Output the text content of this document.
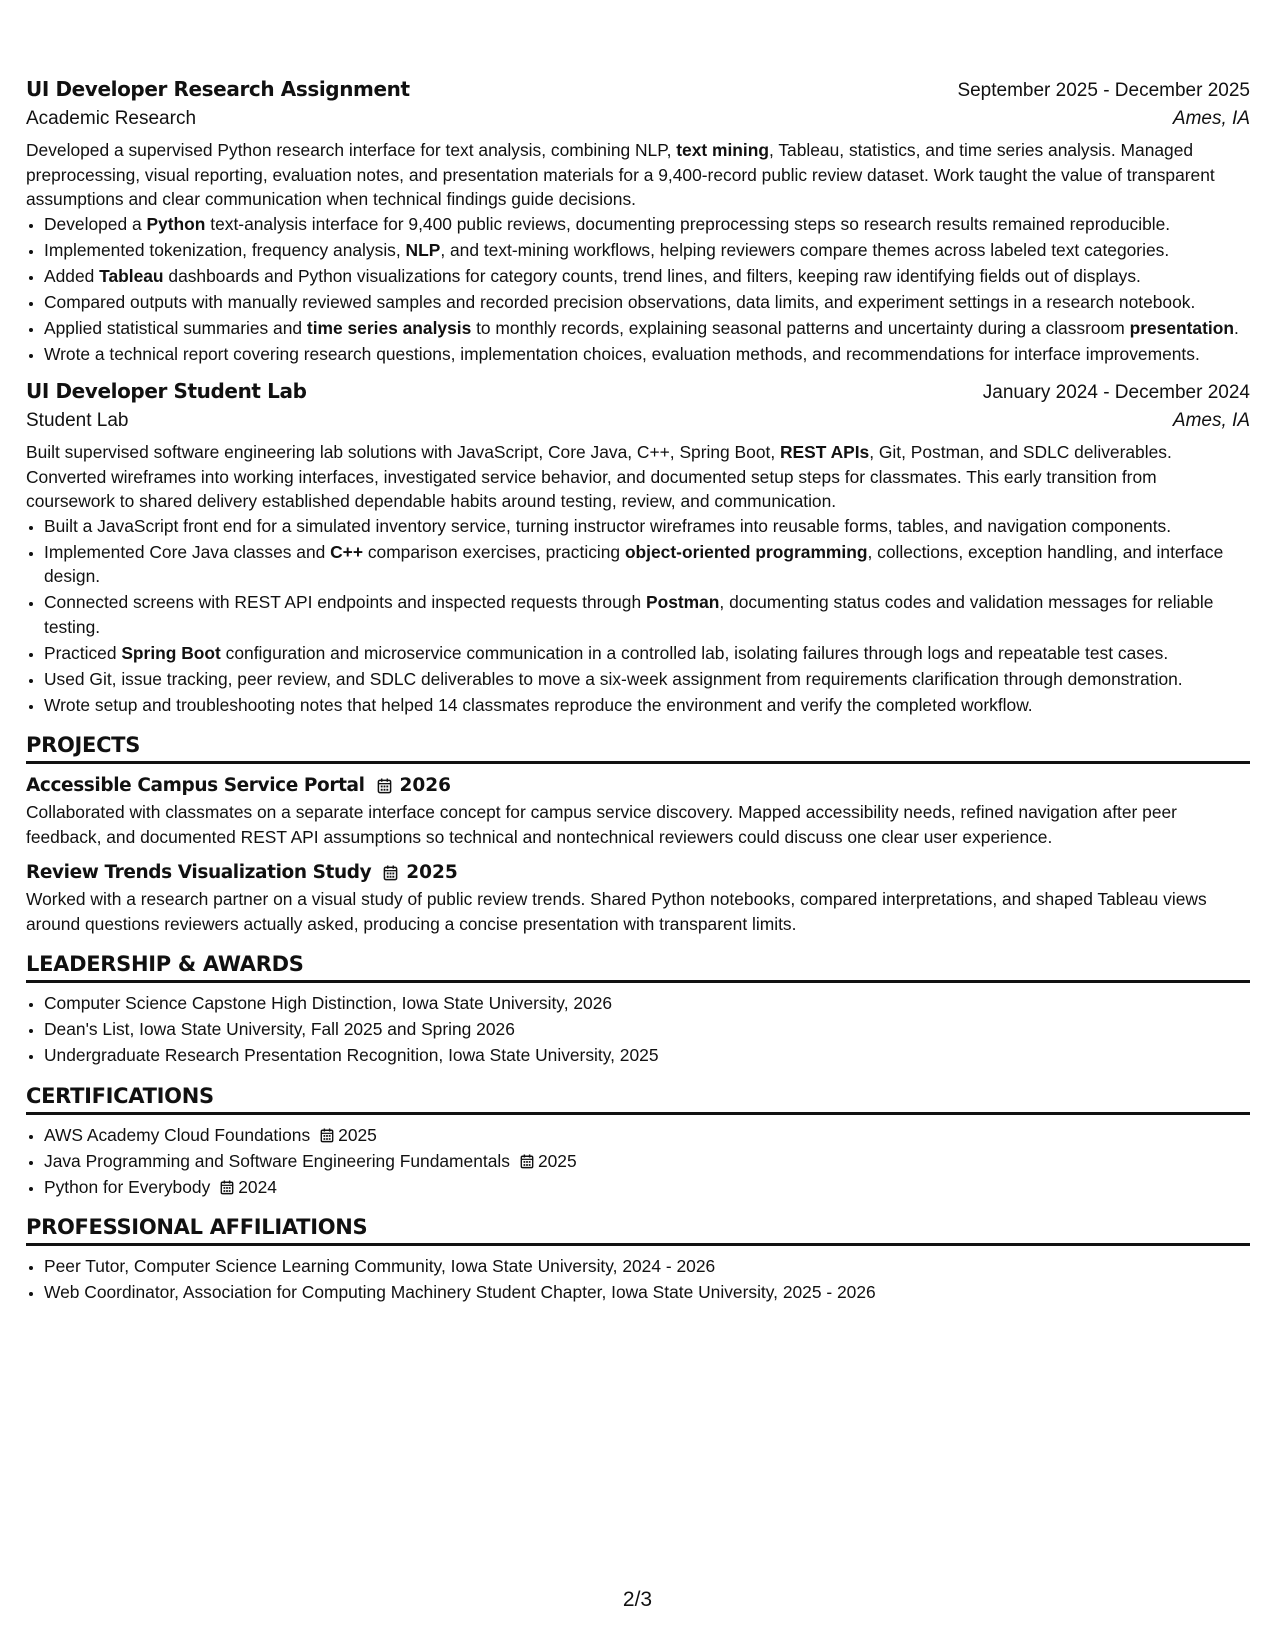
UI Developer Research Assignment	September 2025 - December 2025
Academic Research	Ames, IA
Developed a supervised Python research interface for text analysis, combining NLP, text mining, Tableau, statistics, and time series analysis. Managed preprocessing, visual reporting, evaluation notes, and presentation materials for a 9,400-record public review dataset. Work taught the value of transparent assumptions and clear communication when technical findings guide decisions.
• Developed a Python text-analysis interface for 9,400 public reviews, documenting preprocessing steps so research results remained reproducible.
• Implemented tokenization, frequency analysis, NLP, and text-mining workflows, helping reviewers compare themes across labeled text categories.
• Added Tableau dashboards and Python visualizations for category counts, trend lines, and filters, keeping raw identifying fields out of displays.
• Compared outputs with manually reviewed samples and recorded precision observations, data limits, and experiment settings in a research notebook.
• Applied statistical summaries and time series analysis to monthly records, explaining seasonal patterns and uncertainty during a classroom presentation.
• Wrote a technical report covering research questions, implementation choices, evaluation methods, and recommendations for interface improvements.
UI Developer Student Lab	January 2024 - December 2024
Student Lab	Ames, IA
Built supervised software engineering lab solutions with JavaScript, Core Java, C++, Spring Boot, REST APIs, Git, Postman, and SDLC deliverables. Converted wireframes into working interfaces, investigated service behavior, and documented setup steps for classmates. This early transition from coursework to shared delivery established dependable habits around testing, review, and communication.
• Built a JavaScript front end for a simulated inventory service, turning instructor wireframes into reusable forms, tables, and navigation components.
• Implemented Core Java classes and C++ comparison exercises, practicing object-oriented programming, collections, exception handling, and interface design.
• Connected screens with REST API endpoints and inspected requests through Postman, documenting status codes and validation messages for reliable testing.
• Practiced Spring Boot configuration and microservice communication in a controlled lab, isolating failures through logs and repeatable test cases.
• Used Git, issue tracking, peer review, and SDLC deliverables to move a six-week assignment from requirements clarification through demonstration.
• Wrote setup and troubleshooting notes that helped 14 classmates reproduce the environment and verify the completed workflow.
PROJECTS
Accessible Campus Service Portal 2026
Collaborated with classmates on a separate interface concept for campus service discovery. Mapped accessibility needs, refined navigation after peer feedback, and documented REST API assumptions so technical and nontechnical reviewers could discuss one clear user experience.
Review Trends Visualization Study 2025
Worked with a research partner on a visual study of public review trends. Shared Python notebooks, compared interpretations, and shaped Tableau views around questions reviewers actually asked, producing a concise presentation with transparent limits.
LEADERSHIP & AWARDS
• Computer Science Capstone High Distinction, Iowa State University, 2026
• Dean's List, Iowa State University, Fall 2025 and Spring 2026
• Undergraduate Research Presentation Recognition, Iowa State University, 2025
CERTIFICATIONS
• AWS Academy Cloud Foundations 2025
• Java Programming and Software Engineering Fundamentals 2025
• Python for Everybody 2024
PROFESSIONAL AFFILIATIONS
• Peer Tutor, Computer Science Learning Community, Iowa State University, 2024 - 2026
• Web Coordinator, Association for Computing Machinery Student Chapter, Iowa State University, 2025 - 2026
2/3
